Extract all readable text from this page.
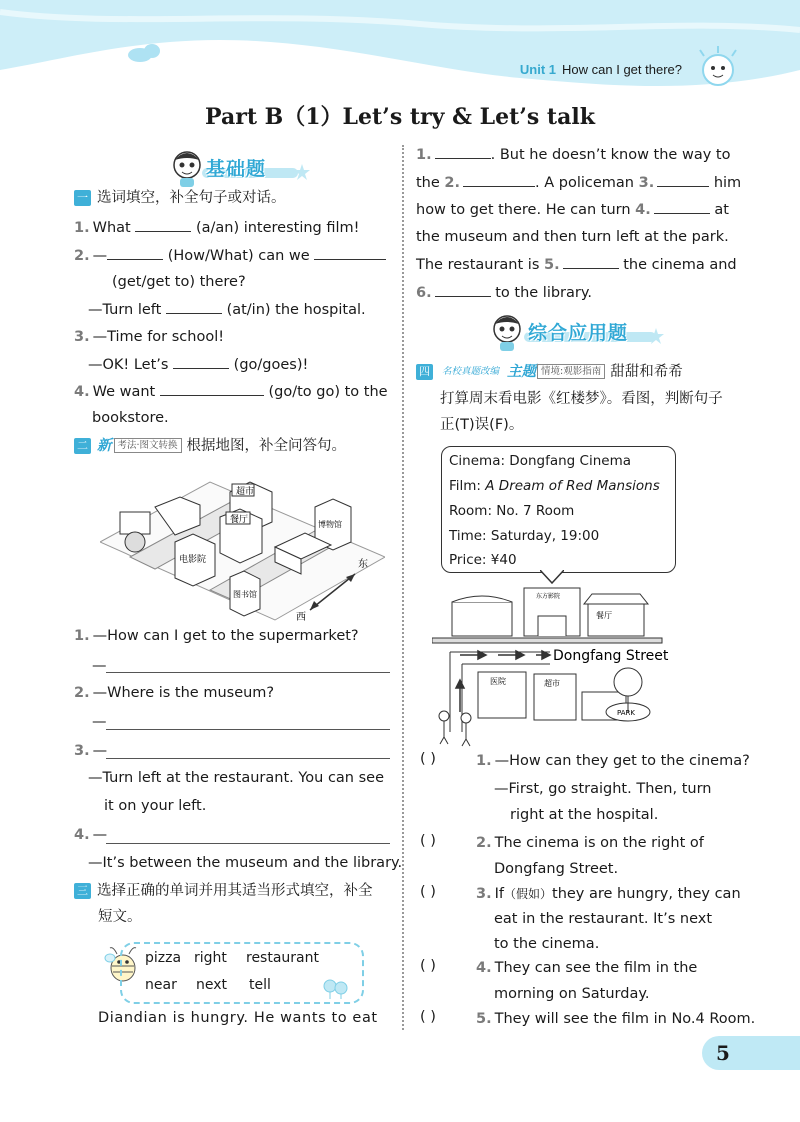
Unit 1 How can I get there?
Part B（1）Let’s try & Let’s talk
基础题
一 选词填空，补全句子或对话。
1. What	(a/an) interesting film!
2. —	(How/What) can we
(get/get to) there?
—Turn left	(at/in) the hospital.
3. —Time for school!
—OK! Let’s	(go/goes)!
4. We want	(go/to go) to the
bookstore.
二 新 考法·图文转换 根据地图，补全问答句。
超市
餐厅	博物馆
电影院
图书馆
东
西
1. —How can I get to the supermarket?
—
2. —Where is the museum?
—
3. —
—Turn left at the restaurant. You can see
it on your left.
4. —
—It’s between the museum and the library.
三 选择正确的单词并用其适当形式填空，补全
短文。
pizza right restaurant
near next tell
Diandian is hungry. He wants to eat
1.	. But he doesn’t know the way to
the 2.	. A policeman 3.	him
how to get there. He can turn 4.	at
the museum and then turn left at the park.
The restaurant is 5.	the cinema and
6.	to the library.
综合应用题
四 名校真题改编 主题 情境:观影指南 甜甜和希希
打算周末看电影《红楼梦》。看图，判断句子
正(T)误(F)。
Cinema: Dongfang Cinema
Film: A Dream of Red Mansions
Room: No. 7 Room
Time: Saturday, 19:00
Price: ¥40
东方影院
医院
餐厅
超市
PARK
Dongfang Street
( )	1. —How can they get to the cinema?
—First, go straight. Then, turn
right at the hospital.
( )	2. The cinema is on the right of
Dongfang Street.
( )	3. If（假如）they are hungry, they can
eat in the restaurant. It’s next
to the cinema.
( )	4. They can see the film in the
morning on Saturday.
( )	5. They will see the film in No.4 Room.
5
